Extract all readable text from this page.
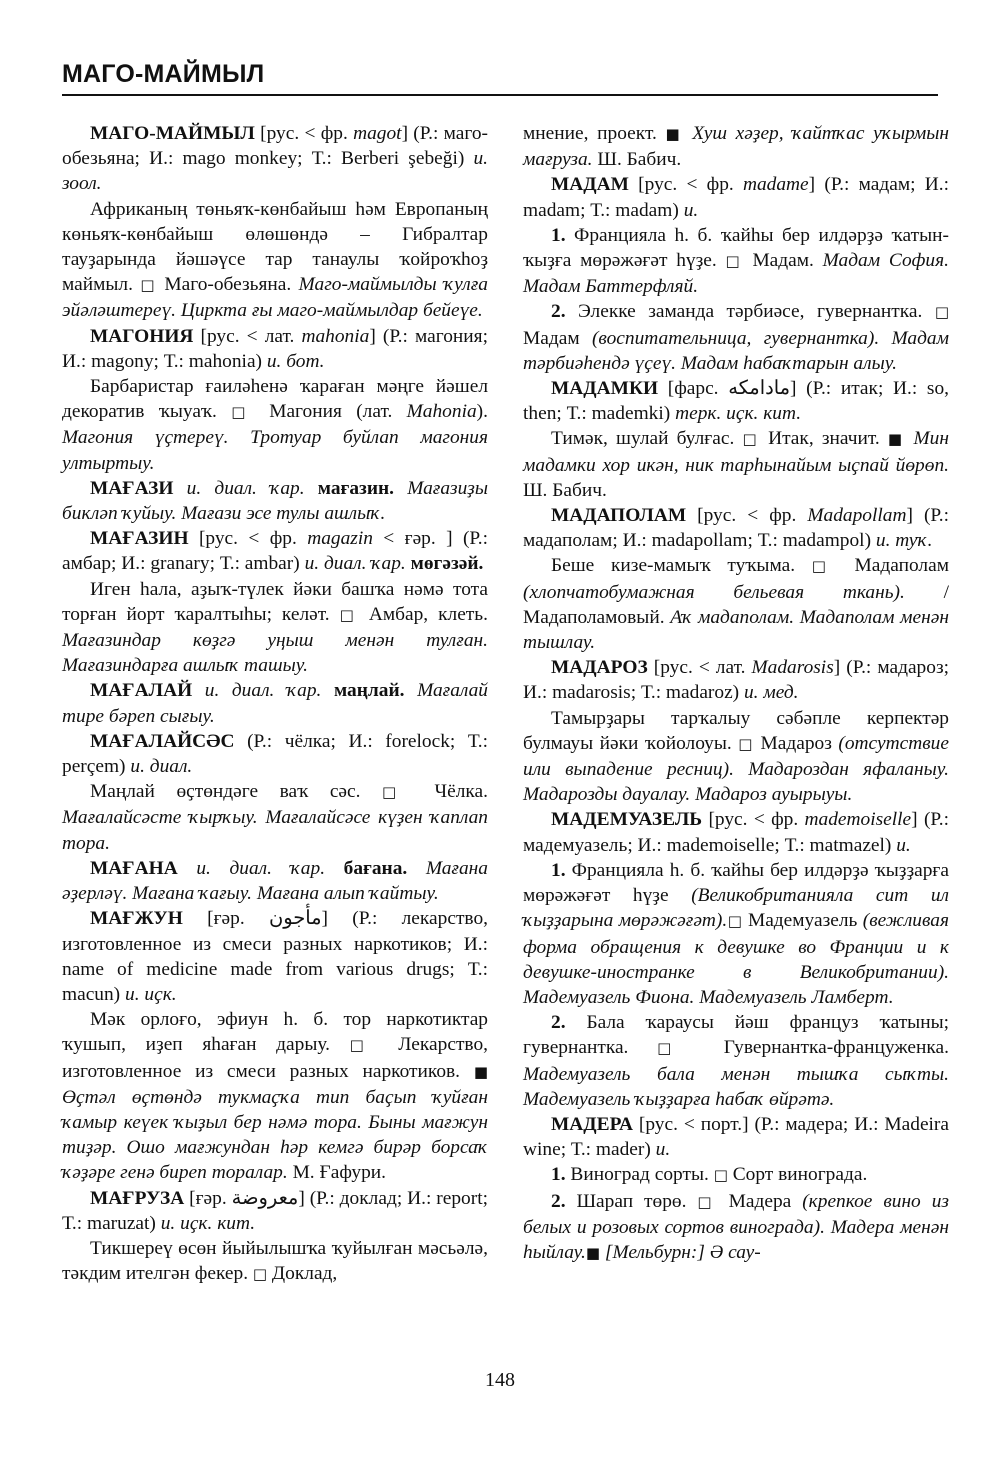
МАГО-МАЙМЫЛ

МАГО-МАЙМЫЛ [рус. < фр. magot] (Р.: маго-обезьяна; И.: mago monkey; Т.: Berberi şebeği) и. зоол.

Африканың төньяҡ-көнбайыш һәм Европаның көньяҡ-көнбайыш өлөшөндә – Гибралтар тауҙарында йәшәүсе тар танаулы ҡойроҡһоҙ маймыл. □ Маго-обезьяна. Маго-маймылды ҡулға эйәләштереү. Циркта ғы маго-маймылдар бейеүе.

МАГОНИЯ [рус. < лат. mahonia] (Р.: магония; И.: magony; Т.: mahonia) и. бот.

Барбаристар ғаиләһенә ҡараған мәңге йәшел декоратив ҡыуаҡ. □ Магония (лат. Mahonia). Магония үҫтереү. Тротуар буйлап магония ултыртыу.

МАҒАЗИ и. диал. ҡар. мағазин. Мағазиҙы бикләп ҡуйыу. Мағази эсе тулы ашлыҡ.

МАҒАЗИН [рус. < фр. magazin < ғәр. ] (Р.: амбар; И.: granary; Т.: ambar) и. диал. ҡар. мөгәзәй.

Иген һала, аҙыҡ-түлек йәки башҡа нәмә тота торған йорт ҡаралтыһы; келәт. □ Амбар, клеть. Мағазиндар көҙгә уңыш менән тулған. Мағазиндарға ашлыҡ ташыу.

МАҒАЛАЙ и. диал. ҡар. маңлай. Мағалай тире бәреп сығыу.

МАҒАЛАЙСӘС (Р.: чёлка; И.: forelock; Т.: perçem) и. диал.

Маңлай өҫтөндәге ваҡ сәс. □ Чёлка. Мағалайсәсте ҡырҡыу. Мағалайсәсе күҙен ҡаплап тора.

МАҒАНА и. диал. ҡар. бағана. Мағана әҙерләү. Мағана ҡағыу. Мағана алып ҡайтыу.

МАҒЖУН [ғәр. مأجون] (Р.: лекарство, изготовленное из смеси разных наркотиков; И.: name of medicine made from various drugs; Т.: macun) и. иҫк.

Мәк орлоғо, эфиун һ. б. тор наркотиктар ҡушып, иҙеп яһаған дарыу. □ Лекарство, изготовленное из смеси разных наркотиков. ■ Өҫтәл өҫтөндә тукмаҫҡа тип баҫып ҡуйған ҡамыр кеүек ҡыҙыл бер нәмә тора. Быны мағжун тиҙәр. Ошо мағжундан һәр кемгә бирәр борсаҡ ҡәҙәре генә биреп торалар. М. Ғафури.

МАҒРУЗА [ғәр. معروضة] (Р.: доклад; И.: report; Т.: maruzat) и. иҫк. кит.

Тикшереү өсөн йыйылышҡа ҡуйылған мәсьәлә, тәкдим ителгән фекер. □ Доклад,

мнение, проект. ■ Хуш хәҙер, ҡайтҡас уҡырмын мағруза. Ш. Бабич.

МАДАМ [рус. < фр. madame] (Р.: мадам; И.: madam; Т.: madam) и.

1. Францияла һ. б. ҡайһы бер илдәрҙә ҡатын-ҡыҙға мөрәжәғәт һүҙе. □ Мадам. Мадам София. Мадам Баттерфляй.

2. Элекке заманда тәрбиәсе, гувернантка. □ Мадам (воспитательница, гувернантка). Мадам тәрбиәһендә үҫеү. Мадам һабаҡтарын алыу.

МАДАМКИ [фарс. مادامکه] (Р.: итак; И.: so, then; Т.: mademki) терк. иҫк. кит.

Тимәк, шулай булғас. □ Итак, значит. ■ Мин мадамки хор икән, ник тарһынайым ыҫпай йөрөп. Ш. Бабич.

МАДАПОЛАМ [рус. < фр. Madapollam] (Р.: мадаполам; И.: madapollam; Т.: madampol) и. туҡ.

Беше кизе-мамыҡ туҡыма. □ Мадаполам (хлопчатобумажная бельевая ткань). / Мадаполамовый. Аҡ мадаполам. Мадаполам менән тышлау.

МАДАРОЗ [рус. < лат. Madarosis] (Р.: мадароз; И.: madarosis; Т.: madaroz) и. мед.

Тамырҙары тарҡалыу сәбәпле керпектәр булмауы йәки ҡойолоуы. □ Мадароз (отсутствие или выпадение ресниц). Мадароздан яфаланыу. Мадарозды дауалау. Мадароз ауырыуы.

МАДЕМУАЗЕЛЬ [рус. < фр. mademoiselle] (Р.: мадемуазель; И.: mademoiselle; Т.: matmazel) и.

1. Францияла һ. б. ҡайһы бер илдәрҙә ҡыҙҙарға мөрәжәғәт һүҙе (Великобританияла сит ил ҡыҙҙарына мөрәжәғәт).□ Мадемуазель (вежливая форма обращения к девушке во Франции и к девушке-иностранке в Великобритании). Мадемуазель Фиона. Мадемуазель Ламберт.

2. Бала ҡараусы йәш француз ҡатыны; гувернантка. □ Гувернантка-француженка. Мадемуазель бала менән тышҡа сыҡты. Мадемуазель ҡыҙҙарға һабаҡ өйрәтә.

МАДЕРА [рус. < порт.] (Р.: мадера; И.: Madeira wine; Т.: mader) и.

1. Виноград сорты. □ Сорт винограда.

2. Шарап төрө. □ Мадера (крепкое вино из белых и розовых сортов винограда). Мадера менән һыйлау.■ [Мельбурн:] Ә сау-

148
